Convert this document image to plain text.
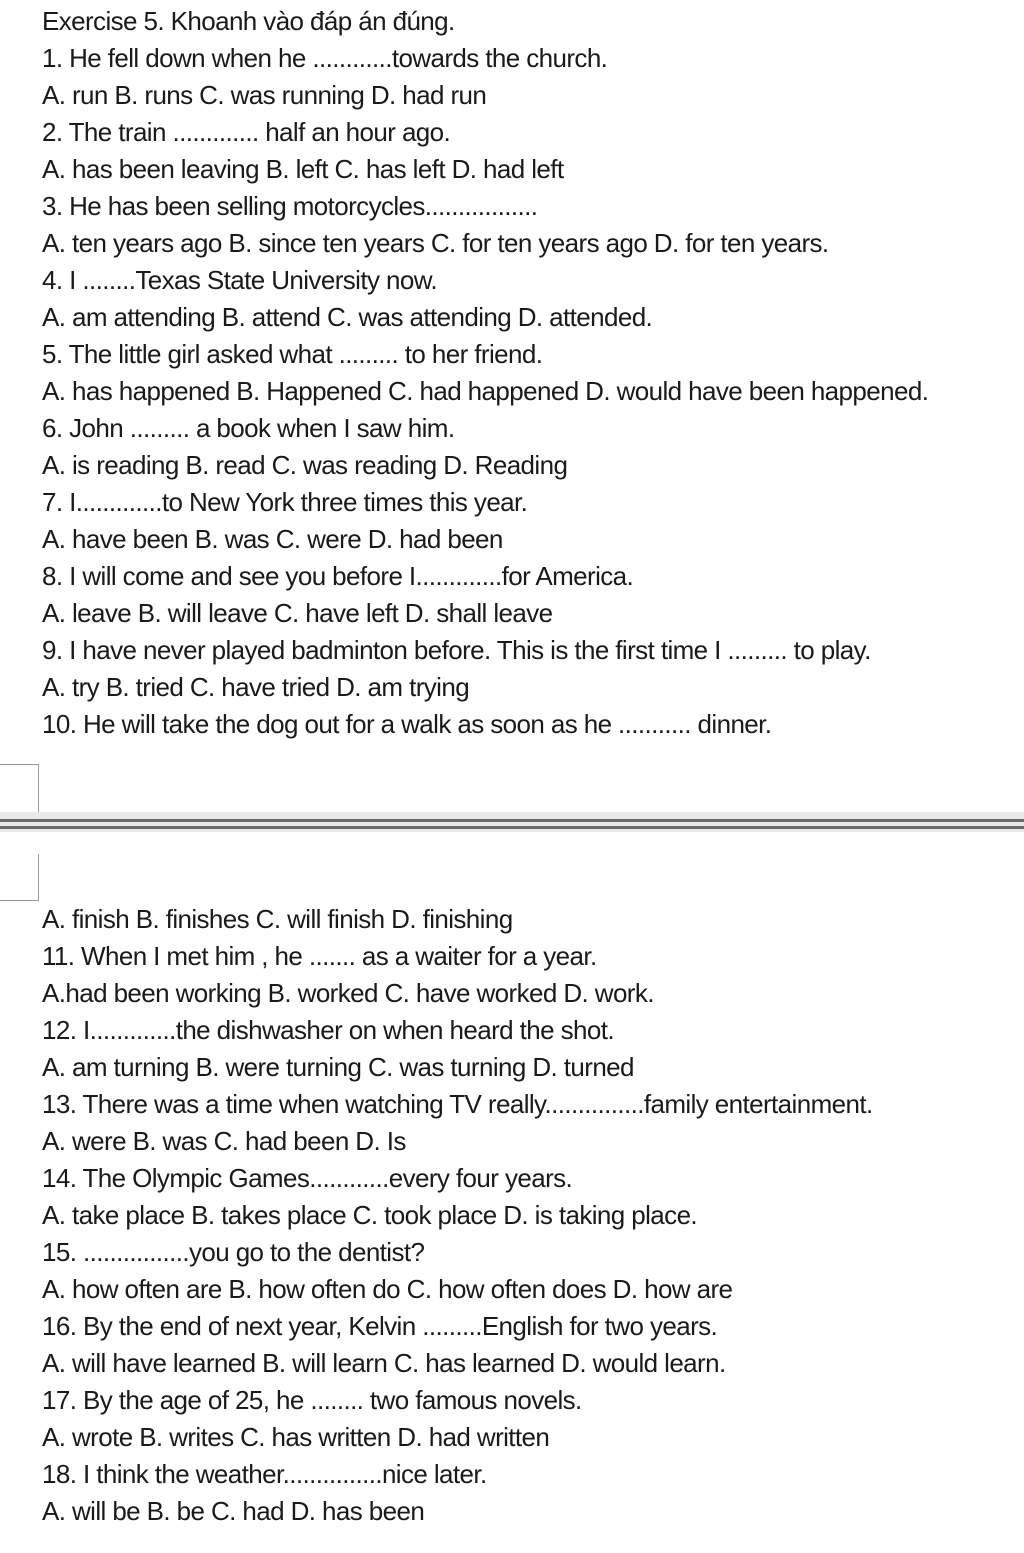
Exercise 5. Khoanh vào đáp án đúng.
1. He fell down when he ............towards the church.
A. run B. runs C. was running D. had run
2. The train ............. half an hour ago.
A. has been leaving B. left C. has left D. had left
3. He has been selling motorcycles.................
A. ten years ago B. since ten years C. for ten years ago D. for ten years.
4. I ........Texas State University now.
A. am attending B. attend C. was attending D. attended.
5. The little girl asked what ......... to her friend.
A. has happened B. Happened C. had happened D. would have been happened.
6. John ......... a book when I saw him.
A. is reading B. read C. was reading D. Reading
7. I.............to New York three times this year.
A. have been B. was C. were D. had been
8. I will come and see you before I.............for America.
A. leave B. will leave C. have left D. shall leave
9. I have never played badminton before. This is the first time I ......... to play.
A. try B. tried C. have tried D. am trying
10. He will take the dog out for a walk as soon as he ........... dinner.
A. finish B. finishes C. will finish D. finishing
11. When I met him , he ....... as a waiter for a year.
A.had been working B. worked C. have worked D. work.
12. I.............the dishwasher on when heard the shot.
A. am turning B. were turning C. was turning D. turned
13. There was a time when watching TV really...............family entertainment.
A. were B. was C. had been D. Is
14. The Olympic Games............every four years.
A. take place B. takes place C. took place D. is taking place.
15. ................you go to the dentist?
A. how often are B. how often do C. how often does D. how are
16. By the end of next year, Kelvin .........English for two years.
A. will have learned B. will learn C. has learned D. would learn.
17. By the age of 25, he ........ two famous novels.
A. wrote B. writes C. has written D. had written
18. I think the weather...............nice later.
A. will be B. be C. had D. has been
